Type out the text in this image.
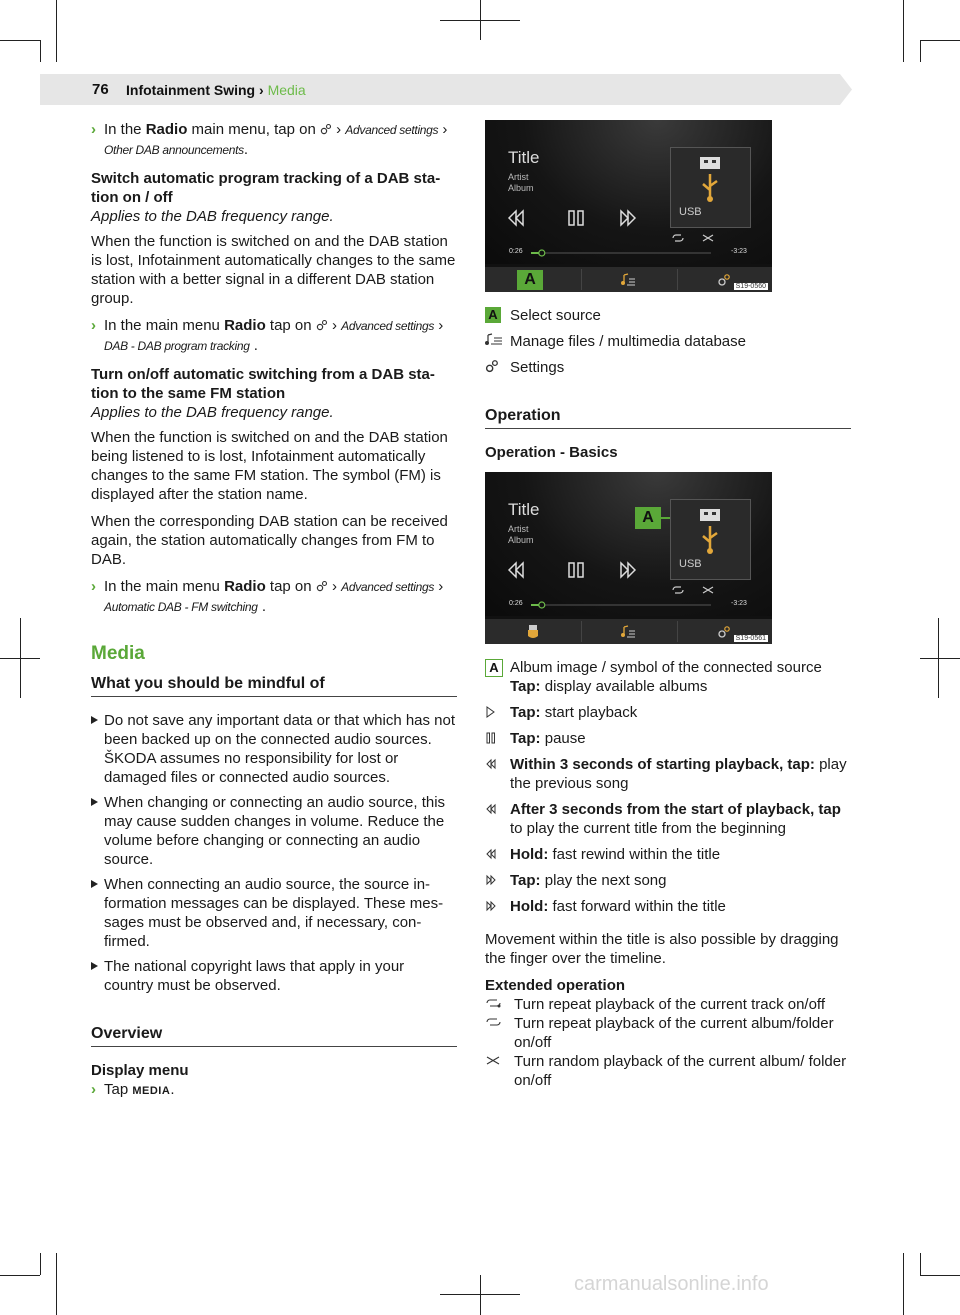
76 Infotainment Swing › Media
› In the Radio main menu, tap on  › Advanced settings › Other DAB announcements.
Switch automatic program tracking of a DAB station on / off
Applies to the DAB frequency range.

When the function is switched on and the DAB station is lost, Infotainment automatically changes to the same station with a better signal in a different DAB station group.

› In the main menu Radio tap on  › Advanced settings › DAB - DAB program tracking .
Turn on/off automatic switching from a DAB station to the same FM station
Applies to the DAB frequency range.

When the function is switched on and the DAB station being listened to is lost, Infotainment automatically changes to the same FM station. The symbol (FM) is displayed after the station name.

When the corresponding DAB station can be received again, the station automatically changes from FM to DAB.

› In the main menu Radio tap on  › Advanced settings › Automatic DAB - FM switching .
Media
What you should be mindful of
Do not save any important data or that which has not been backed up on the connected audio sources. ŠKODA assumes no responsibility for lost or damaged files or connected audio sources.
When changing or connecting an audio source, this may cause sudden changes in volume. Reduce the volume before changing or connecting an audio source.
When connecting an audio source, the source information messages can be displayed. These messages must be observed and, if necessary, confirmed.
The national copyright laws that apply in your country must be observed.
Overview
Display menu
› Tap MEDIA.
Title
Artist
Album
USB
0:26	-3:23
A	S19-0560
A Select source
Manage files / multimedia database
Settings
Operation
Operation - Basics
Title
Artist
Album
A
USB
0:26	-3:23
S19-0561
A Album image / symbol of the connected source
Tap: display available albums
Tap: start playback
Tap: pause
Within 3 seconds of starting playback, tap: play the previous song
After 3 seconds from the start of playback, tap to play the current title from the beginning
Hold: fast rewind within the title
Tap: play the next song
Hold: fast forward within the title

Movement within the title is also possible by dragging the finger over the timeline.

Extended operation
Turn repeat playback of the current track on/off
Turn repeat playback of the current album/folder on/off
Turn random playback of the current album/ folder on/off
carmanualsonline.info
